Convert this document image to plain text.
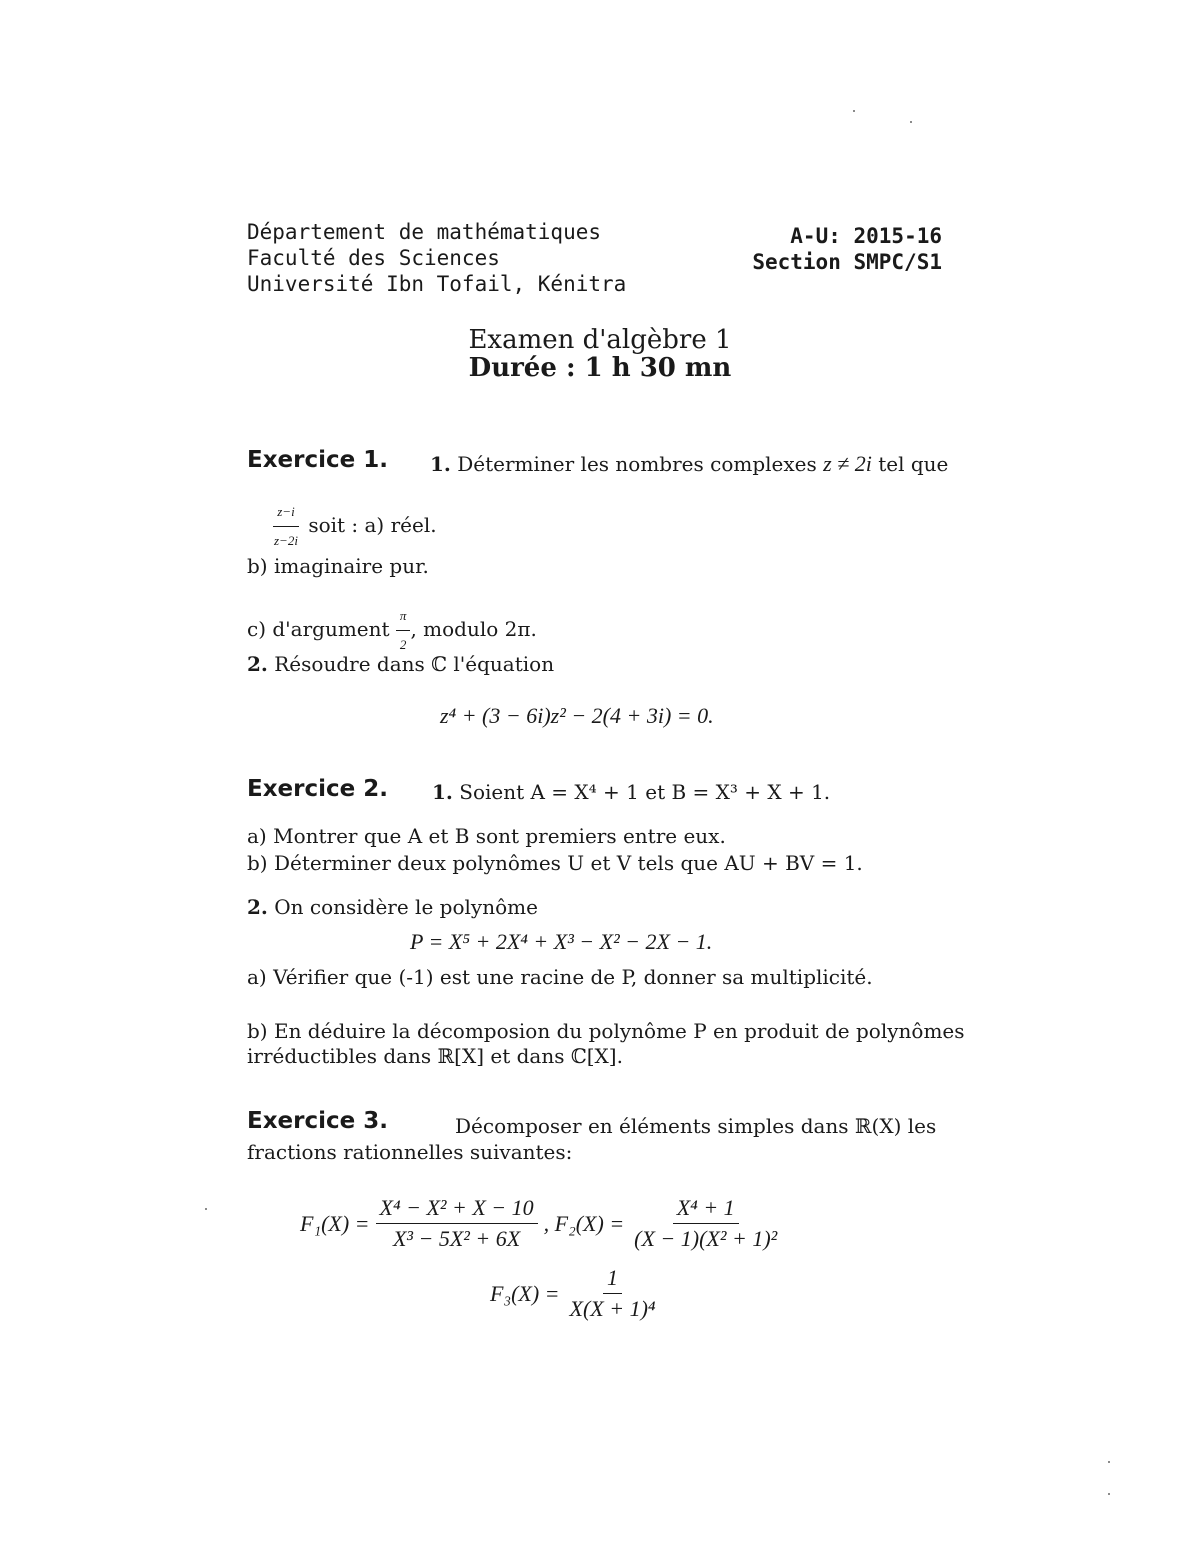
Département de mathématiques
Faculté des Sciences
Université Ibn Tofail, Kénitra
A-U: 2015-16
Section SMPC/S1
Examen d'algèbre 1
Durée : 1 h 30 mn
Exercice 1. 1. Déterminer les nombres complexes z ≠ 2i tel que
$\frac{z-i}{z-2i}$ soit : a) réel.
b) imaginaire pur.
c) d'argument $\frac{\pi}{2}$ , modulo 2π.
2. Résoudre dans ℂ l'équation
z⁴ + (3 − 6i)z² − 2(4 + 3i) = 0.
Exercice 2. 1. Soient A = X⁴ + 1 et B = X³ + X + 1.
a) Montrer que A et B sont premiers entre eux.
b) Déterminer deux polynômes U et V tels que AU + BV = 1.
2. On considère le polynôme
P = X⁵ + 2X⁴ + X³ − X² − 2X − 1.
a) Vérifier que (-1) est une racine de P, donner sa multiplicité.
b) En déduire la décomposion du polynôme P en produit de polynômes
irréductibles dans ℝ[X] et dans ℂ[X].
Exercice 3.	Décomposer en éléments simples dans ℝ(X) les
fractions rationnelles suivantes:
$F_1(X) = \frac{\text{X⁴ − X² + X − 10}}{\text{X³ − 5X² + 6X}}$ , $F_2(X) = \frac{\text{X⁴ + 1}}{\text{(X − 1)(X² + 1)²}}$
$F_3(X) = \frac{1}{\text{X(X + 1)⁴}}$
